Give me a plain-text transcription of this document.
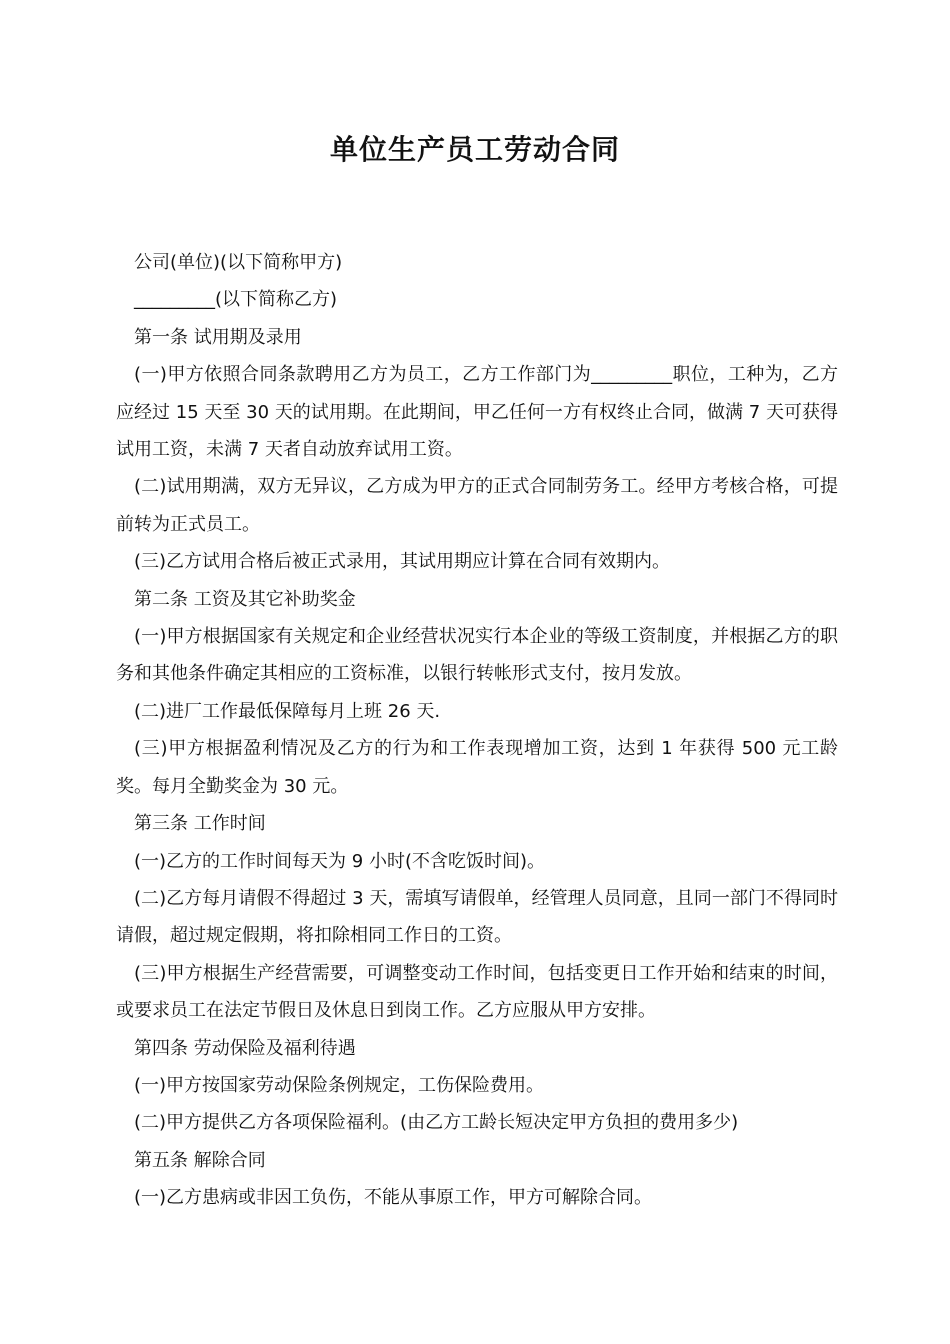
单位生产员工劳动合同

公司(单位)(以下简称甲方)

_________(以下简称乙方)

第一条 试用期及录用

(一)甲方依照合同条款聘用乙方为员工，乙方工作部门为_________职位，工种为，乙方应经过 15 天至 30 天的试用期。在此期间，甲乙任何一方有权终止合同，做满 7 天可获得试用工资，未满 7 天者自动放弃试用工资。

(二)试用期满，双方无异议，乙方成为甲方的正式合同制劳务工。经甲方考核合格，可提前转为正式员工。

(三)乙方试用合格后被正式录用，其试用期应计算在合同有效期内。

第二条 工资及其它补助奖金

(一)甲方根据国家有关规定和企业经营状况实行本企业的等级工资制度，并根据乙方的职务和其他条件确定其相应的工资标准，以银行转帐形式支付，按月发放。

(二)进厂工作最低保障每月上班 26 天.

(三)甲方根据盈利情况及乙方的行为和工作表现增加工资，达到 1 年获得 500 元工龄奖。每月全勤奖金为 30 元。

第三条 工作时间

(一)乙方的工作时间每天为 9 小时(不含吃饭时间)。

(二)乙方每月请假不得超过 3 天，需填写请假单，经管理人员同意，且同一部门不得同时请假，超过规定假期，将扣除相同工作日的工资。

(三)甲方根据生产经营需要，可调整变动工作时间，包括变更日工作开始和结束的时间，或要求员工在法定节假日及休息日到岗工作。乙方应服从甲方安排。

第四条 劳动保险及福利待遇

(一)甲方按国家劳动保险条例规定，工伤保险费用。

(二)甲方提供乙方各项保险福利。(由乙方工龄长短决定甲方负担的费用多少)

第五条 解除合同

(一)乙方患病或非因工负伤，不能从事原工作，甲方可解除合同。
